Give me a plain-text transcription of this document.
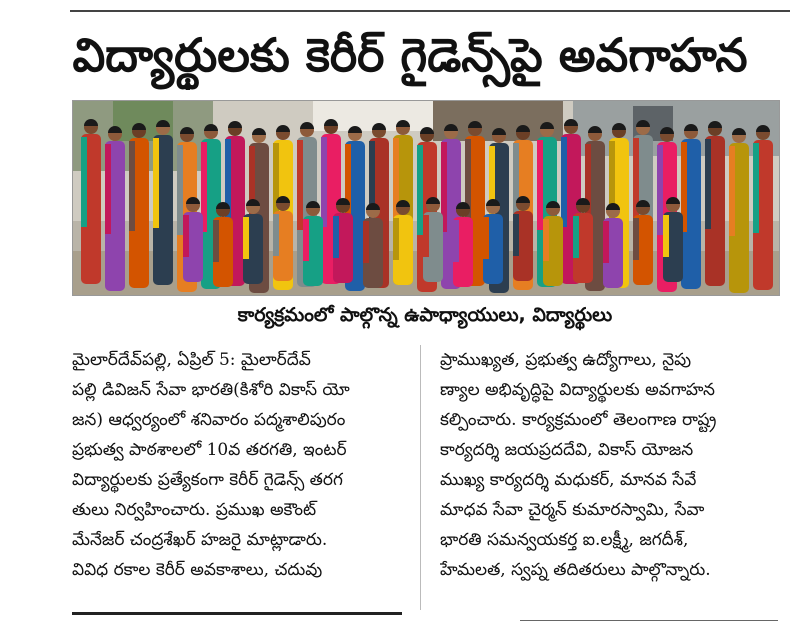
విద్యార్థులకు కెరీర్ గైడెన్స్‌పై అవగాహన
కార్యక్రమంలో పాల్గొన్న ఉపాధ్యాయులు, విద్యార్థులు
మైలార్‌దేవ్‌పల్లి, ఏప్రిల్ 5: మైలార్‌దేవ్
పల్లి డివిజన్ సేవా భారతి(కిశోరి వికాస్ యో
జన) ఆధ్వర్యంలో శనివారం పద్మశాలిపురం
ప్రభుత్వ పాఠశాలలో 10వ తరగతి, ఇంటర్
విద్యార్థులకు ప్రత్యేకంగా కెరీర్ గైడెన్స్ తరగ
తులు నిర్వహించారు. ప్రముఖ అకౌంట్
మేనేజర్ చంద్రశేఖర్ హజరై మాట్లాడారు.
వివిధ రకాల కెరీర్ అవకాశాలు, చదువు
ప్రాముఖ్యత, ప్రభుత్వ ఉద్యోగాలు, నైపు
ణ్యాల అభివృద్ధిపై విద్యార్థులకు అవగాహన
కల్పించారు. కార్యక్రమంలో తెలంగాణ రాష్ట్ర
కార్యదర్శి జయప్రదదేవి, వికాస్ యోజన
ముఖ్య కార్యదర్శి మధుకర్, మానవ సేవే
మాధవ సేవా చైర్మన్ కుమారస్వామి, సేవా
భారతి సమన్వయకర్త ఐ.లక్ష్మీ, జగదీశ్,
హేమలత, స్వప్న తదితరులు పాల్గొన్నారు.
